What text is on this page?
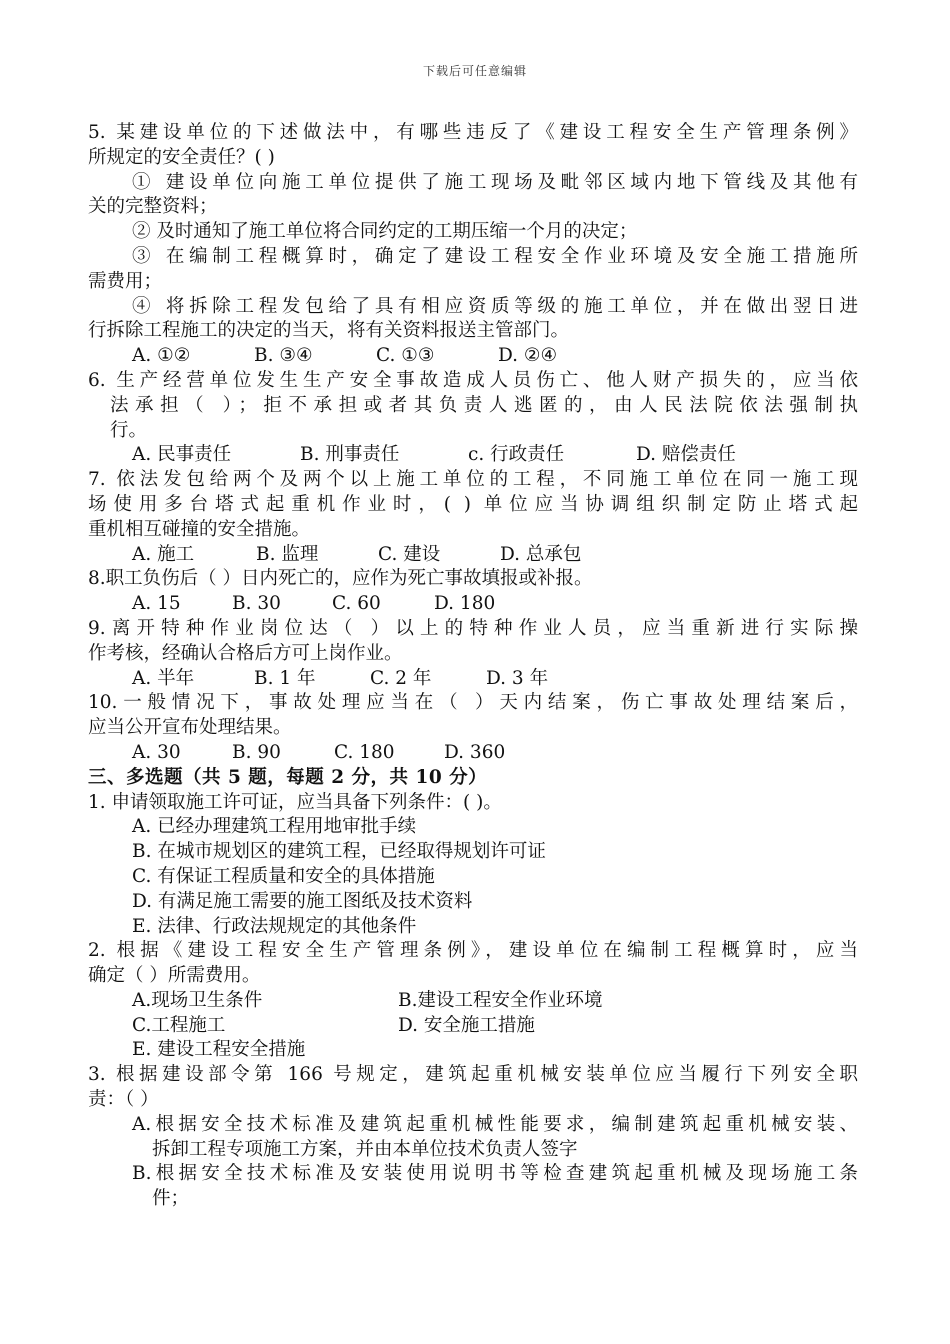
下载后可任意编辑
5. 某建设单位的下述做法中，有哪些违反了《建设工程安全生产管理条例》
所规定的安全责任？( )
① 建设单位向施工单位提供了施工现场及毗邻区域内地下管线及其他有
关的完整资料；
② 及时通知了施工单位将合同约定的工期压缩一个月的决定；
③ 在编制工程概算时，确定了建设工程安全作业环境及安全施工措施所
需费用；
④ 将拆除工程发包给了具有相应资质等级的施工单位，并在做出翌日进
行拆除工程施工的决定的当天，将有关资料报送主管部门。
A. ①②	B. ③④	C. ①③	D. ②④
6. 生产经营单位发生生产安全事故造成人员伤亡、他人财产损失的，应当依
法承担（ ）；拒不承担或者其负责人逃匿的，由人民法院依法强制执
行。
A. 民事责任	B. 刑事责任	c. 行政责任	D. 赔偿责任
7. 依法发包给两个及两个以上施工单位的工程，不同施工单位在同一施工现
场使用多台塔式起重机作业时，( ) 单位应当协调组织制定防止塔式起
重机相互碰撞的安全措施。
A. 施工	B. 监理	C. 建设	D. 总承包
8.职工负伤后（ ）日内死亡的，应作为死亡事故填报或补报。
A. 15	B. 30	C. 60	D. 180
9.离开特种作业岗位达（ ）以上的特种作业人员，应当重新进行实际操
作考核，经确认合格后方可上岗作业。
A. 半年	B. 1 年	C. 2 年	D. 3 年
10.一般情况下，事故处理应当在（ ）天内结案，伤亡事故处理结案后，
应当公开宣布处理结果。
A. 30	B. 90	C. 180	D. 360
三、多选题（共 5 题，每题 2 分，共 10 分）
1. 申请领取施工许可证，应当具备下列条件：( )。
A. 已经办理建筑工程用地审批手续
B. 在城市规划区的建筑工程，已经取得规划许可证
C. 有保证工程质量和安全的具体措施
D. 有满足施工需要的施工图纸及技术资料
E. 法律、行政法规规定的其他条件
2. 根据《建设工程安全生产管理条例》，建设单位在编制工程概算时，应当
确定（ ）所需费用。
A.现场卫生条件	B.建设工程安全作业环境
C.工程施工	D. 安全施工措施
E. 建设工程安全措施
3. 根据建设部令第 166 号规定，建筑起重机械安装单位应当履行下列安全职
责：（ ）
A.根据安全技术标准及建筑起重机械性能要求，编制建筑起重机械安装、
拆卸工程专项施工方案，并由本单位技术负责人签字
B.根据安全技术标准及安装使用说明书等检查建筑起重机械及现场施工条
件；
